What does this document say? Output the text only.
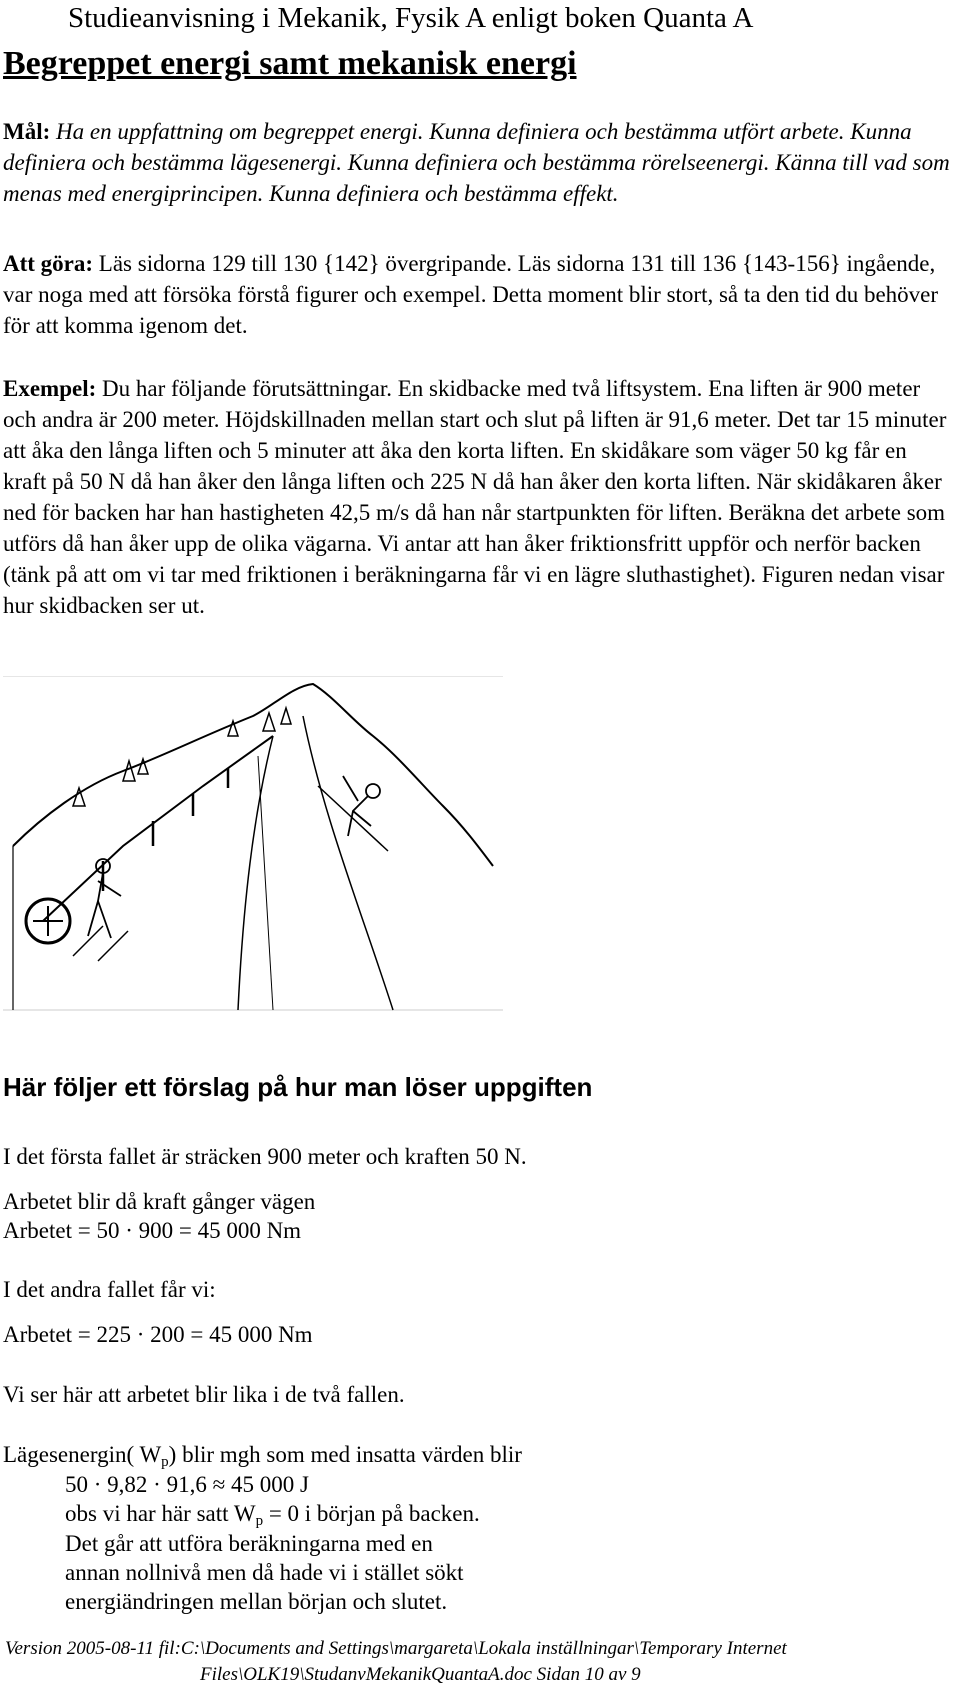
Studieanvisning i Mekanik, Fysik A enligt boken Quanta A
Begreppet energi samt mekanisk energi
Mål: Ha en uppfattning om begreppet energi. Kunna definiera och bestämma utfört arbete. Kunna definiera och bestämma lägesenergi. Kunna definiera och bestämma rörelseenergi. Känna till vad som menas med energiprincipen. Kunna definiera och bestämma effekt.
Att göra: Läs sidorna 129 till 130 {142} övergripande. Läs sidorna 131 till 136 {143-156} ingående, var noga med att försöka förstå figurer och exempel. Detta moment blir stort, så ta den tid du behöver för att komma igenom det.
Exempel: Du har följande förutsättningar. En skidbacke med två liftsystem. Ena liften är 900 meter och andra är 200 meter. Höjdskillnaden mellan start och slut på liften är 91,6 meter. Det tar 15 minuter att åka den långa liften och 5 minuter att åka den korta liften. En skidåkare som väger 50 kg får en kraft på 50 N då han åker den långa liften och 225 N då han åker den korta liften. När skidåkaren åker ned för backen har han hastigheten 42,5 m/s då han når startpunkten för liften. Beräkna det arbete som utförs då han åker upp de olika vägarna. Vi antar att han åker friktionsfritt uppför och nerför backen (tänk på att om vi tar med friktionen i beräkningarna får vi en lägre sluthastighet). Figuren nedan visar hur skidbacken ser ut.
Här följer ett förslag på hur man löser uppgiften
I det första fallet är sträcken 900 meter och kraften 50 N.
Arbetet blir då kraft gånger vägen
Arbetet = 50 · 900 = 45 000 Nm
I det andra fallet får vi:
Arbetet = 225 · 200 = 45 000 Nm
Vi ser här att arbetet blir lika i de två fallen.
Lägesenergin( $W_p$) blir mgh som med insatta värden blir
50 · 9,82 · 91,6 ≈ 45 000 J
obs vi har här satt $W_p = 0$ i början på backen.
Det går att utföra beräkningarna med en
annan nollnivå men då hade vi i stället sökt
energiändringen mellan början och slutet.
Version 2005-08-11 fil:C:\Documents and Settings\margareta\Lokala inställningar\Temporary Internet
Files\OLK19\StudanvMekanikQuantaA.doc Sidan 10 av 9
